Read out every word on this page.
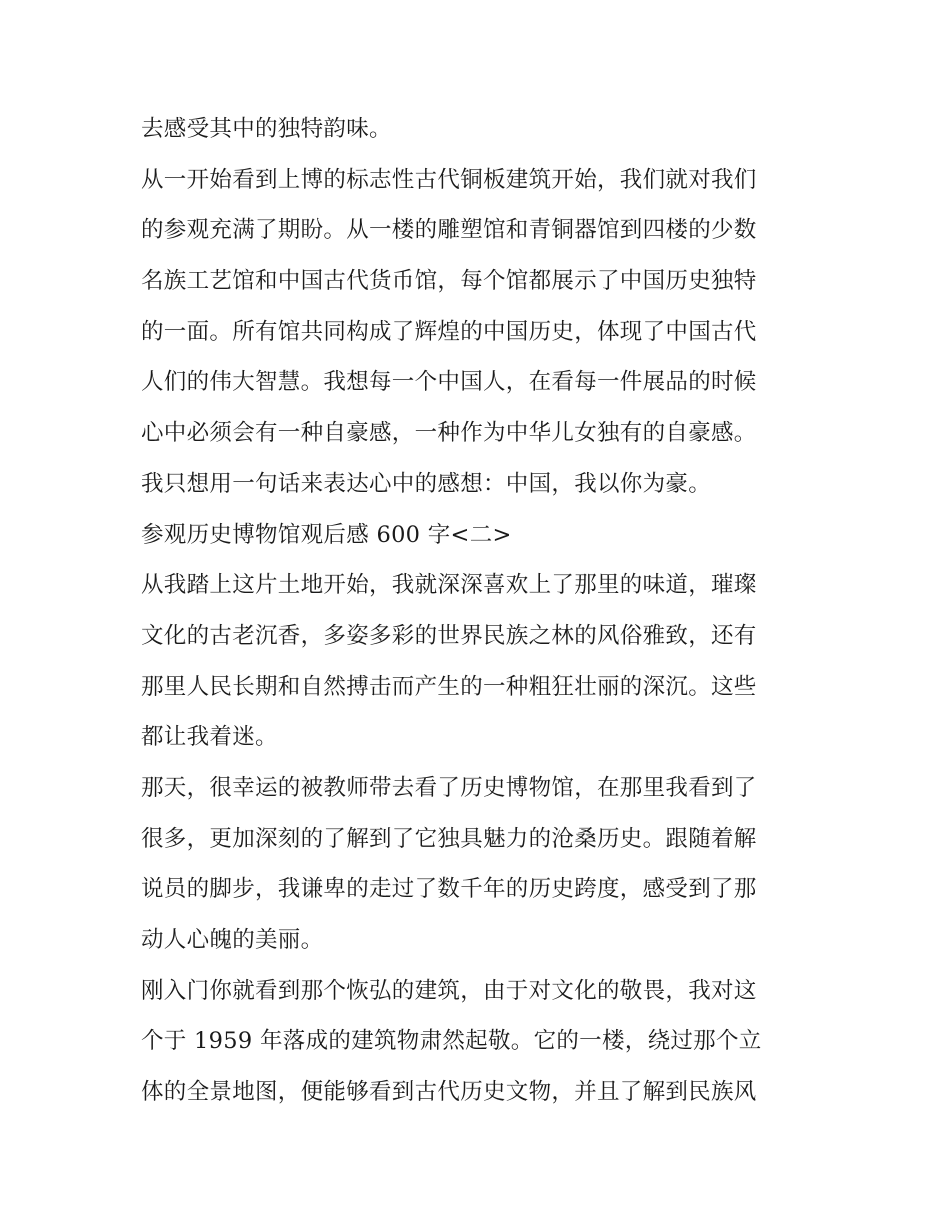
去感受其中的独特韵味。
从一开始看到上博的标志性古代铜板建筑开始，我们就对我们
的参观充满了期盼。从一楼的雕塑馆和青铜器馆到四楼的少数
名族工艺馆和中国古代货币馆，每个馆都展示了中国历史独特
的一面。所有馆共同构成了辉煌的中国历史，体现了中国古代
人们的伟大智慧。我想每一个中国人，在看每一件展品的时候
心中必须会有一种自豪感，一种作为中华儿女独有的自豪感。
我只想用一句话来表达心中的感想：中国，我以你为豪。
参观历史博物馆观后感 600 字<二>
从我踏上这片土地开始，我就深深喜欢上了那里的味道，璀璨
文化的古老沉香，多姿多彩的世界民族之林的风俗雅致，还有
那里人民长期和自然搏击而产生的一种粗狂壮丽的深沉。这些
都让我着迷。
那天，很幸运的被教师带去看了历史博物馆，在那里我看到了
很多，更加深刻的了解到了它独具魅力的沧桑历史。跟随着解
说员的脚步，我谦卑的走过了数千年的历史跨度，感受到了那
动人心魄的美丽。
刚入门你就看到那个恢弘的建筑，由于对文化的敬畏，我对这
个于 1959 年落成的建筑物肃然起敬。它的一楼，绕过那个立
体的全景地图，便能够看到古代历史文物，并且了解到民族风
